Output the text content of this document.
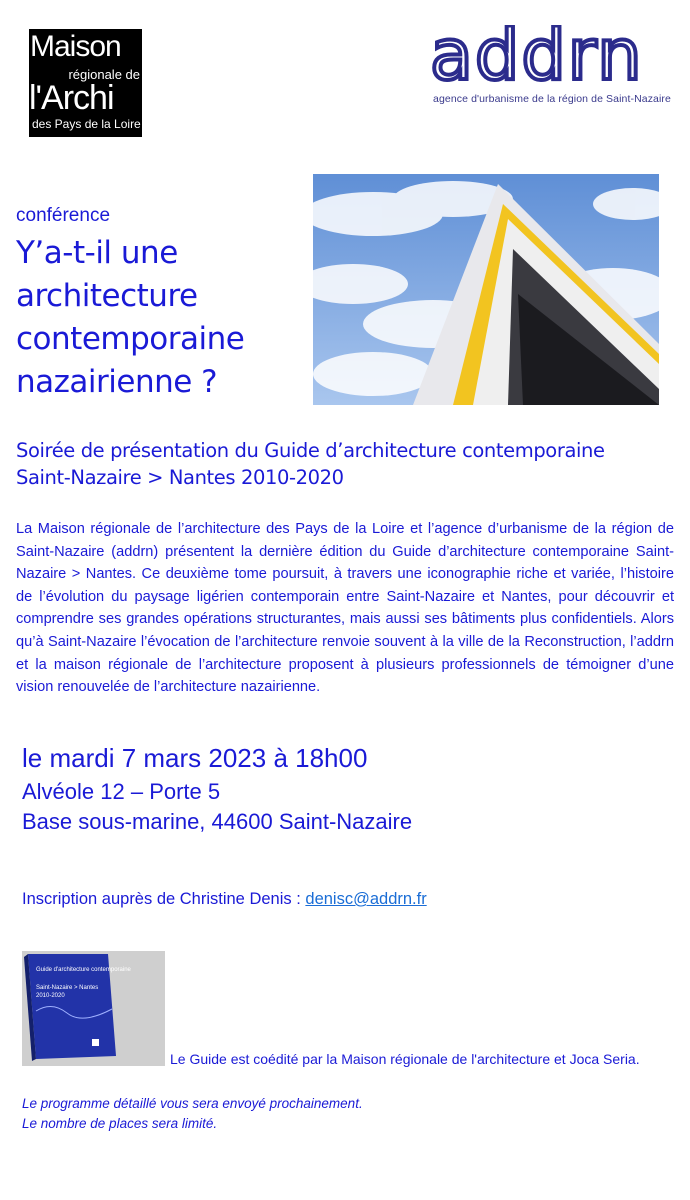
Maison
régionale de
l'Archi
des Pays de la Loire
addrn
agence d'urbanisme de la région de Saint-Nazaire
conférence
Y’a-t-il une architecture contemporaine nazairienne ?
Soirée de présentation du Guide d’architecture contemporaine
Saint-Nazaire > Nantes 2010-2020
La Maison régionale de l’architecture des Pays de la Loire et l’agence d’urbanisme de la région de Saint-Nazaire (addrn) présentent la dernière édition du Guide d’architecture contemporaine Saint-Nazaire > Nantes. Ce deuxième tome poursuit, à travers une iconographie riche et variée, l’histoire de l’évolution du paysage ligérien contemporain entre Saint-Nazaire et Nantes, pour découvrir et comprendre ses grandes opérations structurantes, mais aussi ses bâtiments plus confidentiels. Alors qu’à Saint-Nazaire l’évocation de l’architecture renvoie souvent à la ville de la Reconstruction, l’addrn et la maison régionale de l’architecture proposent à plusieurs professionnels de témoigner d’une vision renouvelée de l’architecture nazairienne.
le mardi 7 mars 2023 à 18h00
Alvéole 12 – Porte 5
Base sous-marine, 44600 Saint-Nazaire
Inscription auprès de Christine Denis : denisc@addrn.fr
Guide d'architecture contemporaine
Saint-Nazaire > Nantes
2010-2020
Le Guide est coédité par la Maison régionale de l'architecture et Joca Seria.
Le programme détaillé vous sera envoyé prochainement.
Le nombre de places sera limité.
